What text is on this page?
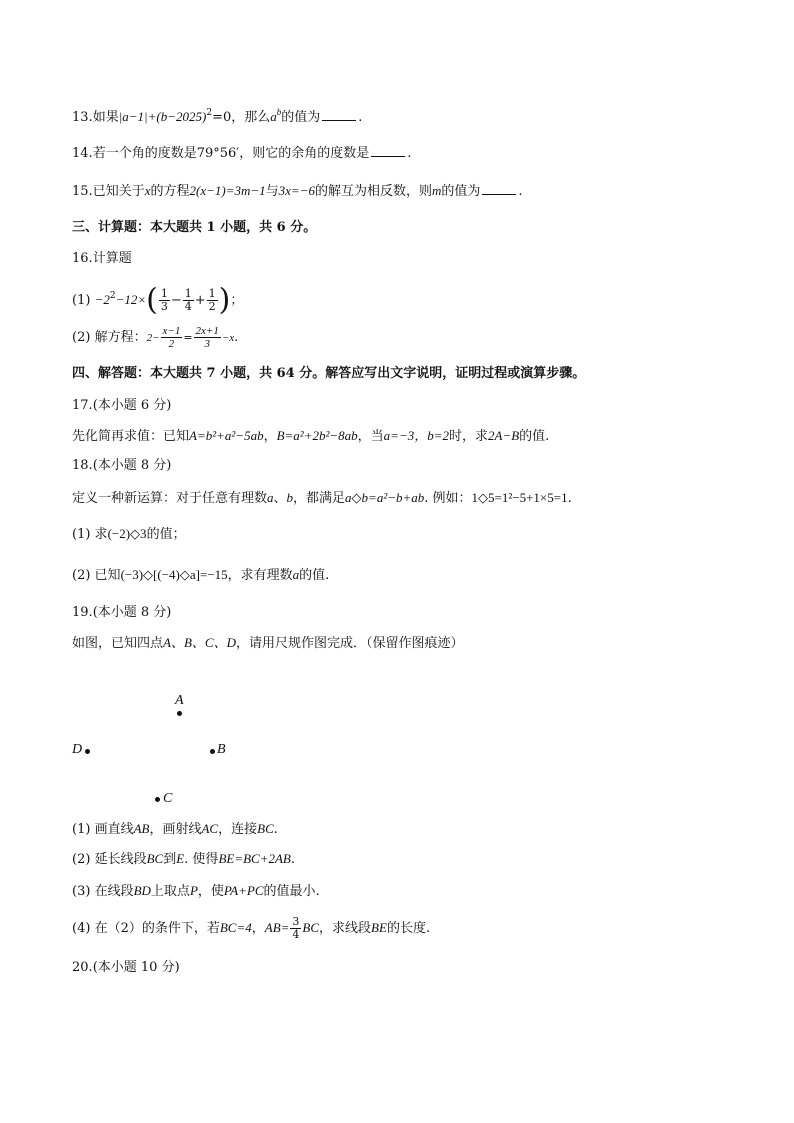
13.如果$|a-1|+(b-2025)^2=0$，那么$a^b$的值为	.
14.若一个角的度数是79°56′，则它的余角的度数是	.
15.已知关于x的方程2(x−1)=3m−1与3x=−6的解互为相反数，则m的值为	.
三、计算题：本大题共 1 小题，共 6 分。
16.计算题
$(1) -2^2-12\times( \frac{1}{3} - \frac{1}{4} + \frac{1}{2}$ )；
(2) 解方程：$2- \frac{x-1}{2} = \frac{2x+1}{3} -x$.
四、解答题：本大题共 7 小题，共 64 分。解答应写出文字说明，证明过程或演算步骤。
17.(本小题 6 分)
先化简再求值：已知A=b²+a²−5ab，B=a²+2b²−8ab，当a=−3，b=2时，求2A−B的值.
18.(本小题 8 分)
定义一种新运算：对于任意有理数a、b，都满足a◇b=a²−b+ab. 例如：1◇5=1²−5+1×5=1.
(1) 求(−2)◇3的值；
(2) 已知(−3)◇[(−4)◇a]=−15，求有理数a的值.
19.(本小题 8 分)
如图，已知四点A、B、C、D，请用尺规作图完成．（保留作图痕迹）
A
D	B
C
(1) 画直线AB，画射线AC，连接BC.
(2) 延长线段BC到E. 使得BE=BC+2AB.
(3) 在线段BD上取点P，使PA+PC的值最小.
(4) 在（2）的条件下，若BC=4，$AB= \frac{3}{4}$ BC，求线段BE的长度.
20.(本小题 10 分)
